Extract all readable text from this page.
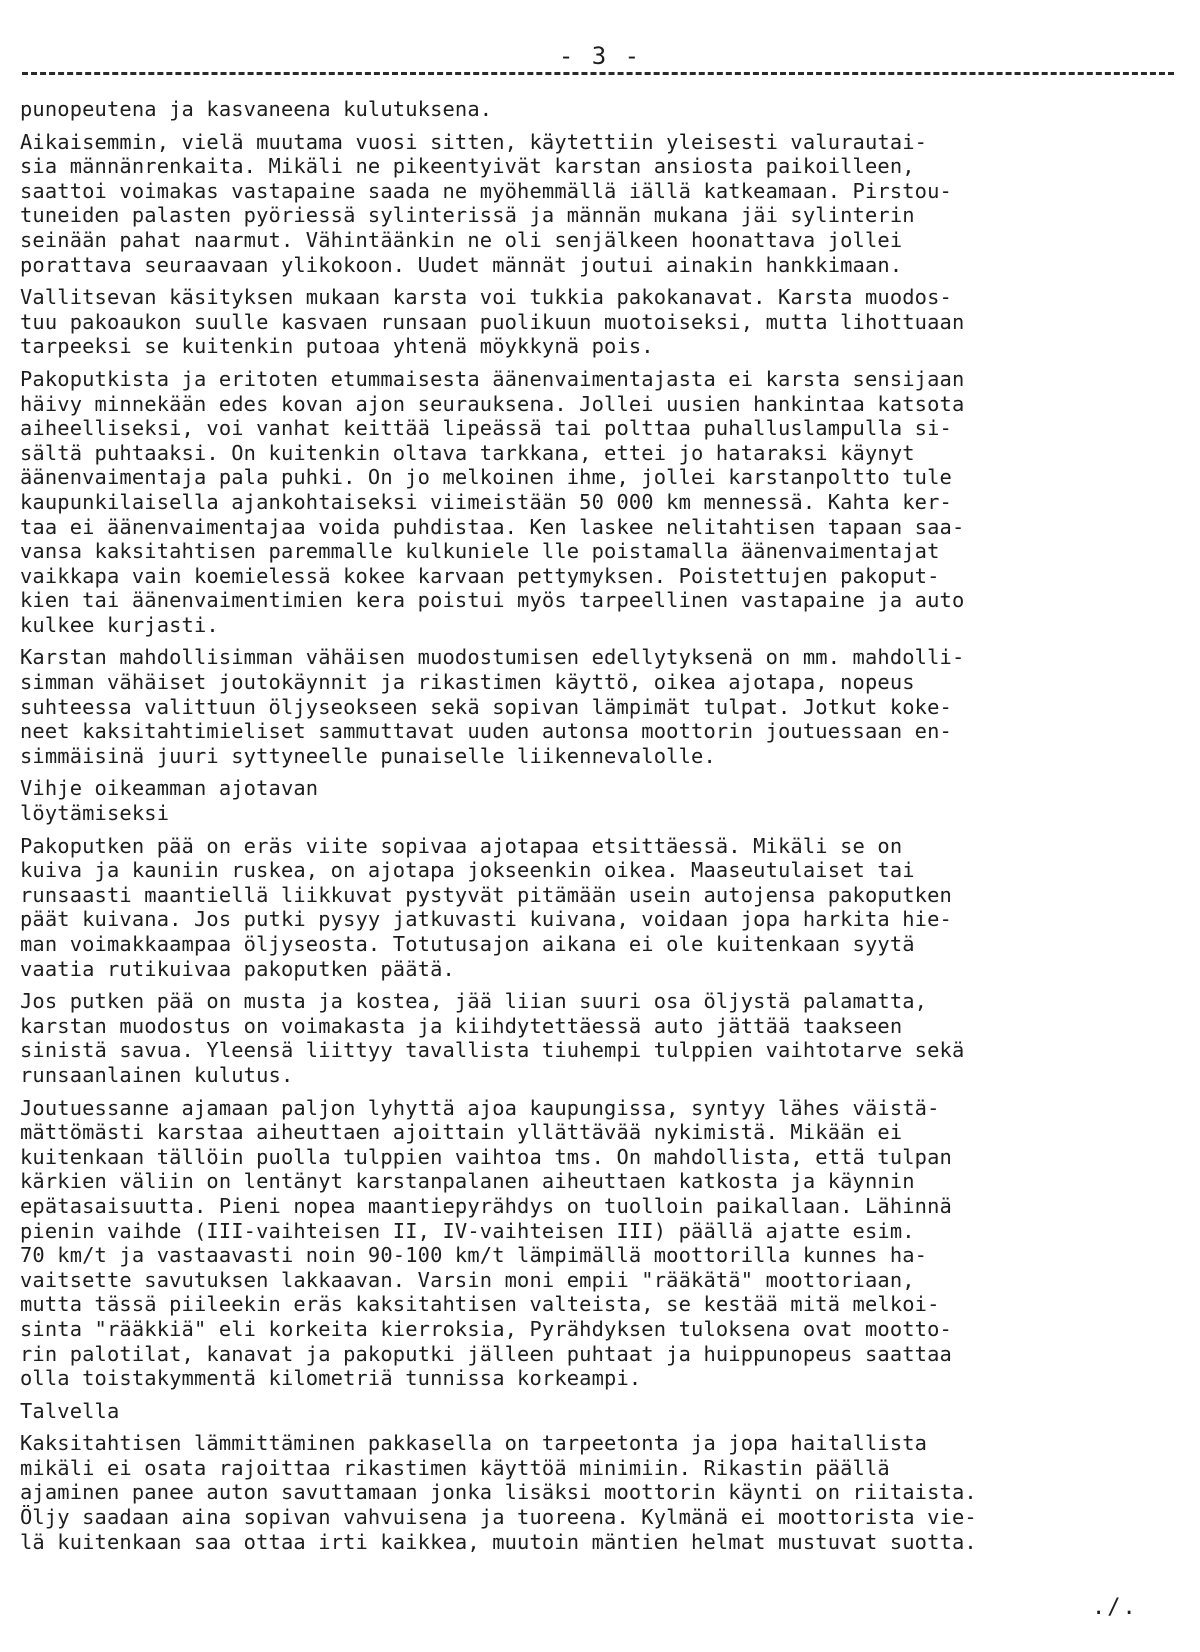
- 3 -

punopeutena ja kasvaneena kulutuksena.

Aikaisemmin, vielä muutama vuosi sitten, käytettiin yleisesti valurautai-
sia männänrenkaita. Mikäli ne pikeentyivät karstan ansiosta paikoilleen,
saattoi voimakas vastapaine saada ne myöhemmällä iällä katkeamaan. Pirstou-
tuneiden palasten pyöriessä sylinterissä ja männän mukana jäi sylinterin
seinään pahat naarmut. Vähintäänkin ne oli senjälkeen hoonattava jollei
porattava seuraavaan ylikokoon. Uudet männät joutui ainakin hankkimaan.

Vallitsevan käsityksen mukaan karsta voi tukkia pakokanavat. Karsta muodos-
tuu pakoaukon suulle kasvaen runsaan puolikuun muotoiseksi, mutta lihottuaan
tarpeeksi se kuitenkin putoaa yhtenä möykkynä pois.

Pakoputkista ja eritoten etummaisesta äänenvaimentajasta ei karsta sensijaan
häivy minnekään edes kovan ajon seurauksena. Jollei uusien hankintaa katsota
aiheelliseksi, voi vanhat keittää lipeässä tai polttaa puhalluslampulla si-
sältä puhtaaksi. On kuitenkin oltava tarkkana, ettei jo hataraksi käynyt
äänenvaimentaja pala puhki. On jo melkoinen ihme, jollei karstanpoltto tule
kaupunkilaisella ajankohtaiseksi viimeistään 50 000 km mennessä. Kahta ker-
taa ei äänenvaimentajaa voida puhdistaa. Ken laskee nelitahtisen tapaan saa-
vansa kaksitahtisen paremmalle kulkuniele lle poistamalla äänenvaimentajat
vaikkapa vain koemielessä kokee karvaan pettymyksen. Poistettujen pakoput-
kien tai äänenvaimentimien kera poistui myös tarpeellinen vastapaine ja auto
kulkee kurjasti.

Karstan mahdollisimman vähäisen muodostumisen edellytyksenä on mm. mahdolli-
simman vähäiset joutokäynnit ja rikastimen käyttö, oikea ajotapa, nopeus
suhteessa valittuun öljyseokseen sekä sopivan lämpimät tulpat. Jotkut koke-
neet kaksitahtimieliset sammuttavat uuden autonsa moottorin joutuessaan en-
simmäisinä juuri syttyneelle punaiselle liikennevalolle.

Vihje oikeamman ajotavan
löytämiseksi

Pakoputken pää on eräs viite sopivaa ajotapaa etsittäessä. Mikäli se on
kuiva ja kauniin ruskea, on ajotapa jokseenkin oikea. Maaseutulaiset tai
runsaasti maantiellä liikkuvat pystyvät pitämään usein autojensa pakoputken
päät kuivana. Jos putki pysyy jatkuvasti kuivana, voidaan jopa harkita hie-
man voimakkaampaa öljyseosta. Totutusajon aikana ei ole kuitenkaan syytä
vaatia rutikuivaa pakoputken päätä.

Jos putken pää on musta ja kostea, jää liian suuri osa öljystä palamatta,
karstan muodostus on voimakasta ja kiihdytettäessä auto jättää taakseen
sinistä savua. Yleensä liittyy tavallista tiuhempi tulppien vaihtotarve sekä
runsaanlainen kulutus.

Joutuessanne ajamaan paljon lyhyttä ajoa kaupungissa, syntyy lähes väistä-
mättömästi karstaa aiheuttaen ajoittain yllättävää nykimistä. Mikään ei
kuitenkaan tällöin puolla tulppien vaihtoa tms. On mahdollista, että tulpan
kärkien väliin on lentänyt karstanpalanen aiheuttaen katkosta ja käynnin
epätasaisuutta. Pieni nopea maantiepyrähdys on tuolloin paikallaan. Lähinnä
pienin vaihde (III-vaihteisen II, IV-vaihteisen III) päällä ajatte esim.
70 km/t ja vastaavasti noin 90-100 km/t lämpimällä moottorilla kunnes ha-
vaitsette savutuksen lakkaavan. Varsin moni empii "rääkätä" moottoriaan,
mutta tässä piileekin eräs kaksitahtisen valteista, se kestää mitä melkoi-
sinta "rääkkiä" eli korkeita kierroksia, Pyrähdyksen tuloksena ovat mootto-
rin palotilat, kanavat ja pakoputki jälleen puhtaat ja huippunopeus saattaa
olla toistakymmentä kilometriä tunnissa korkeampi.

Talvella

Kaksitahtisen lämmittäminen pakkasella on tarpeetonta ja jopa haitallista
mikäli ei osata rajoittaa rikastimen käyttöä minimiin. Rikastin päällä
ajaminen panee auton savuttamaan jonka lisäksi moottorin käynti on riitaista.
Öljy saadaan aina sopivan vahvuisena ja tuoreena. Kylmänä ei moottorista vie-
lä kuitenkaan saa ottaa irti kaikkea, muutoin mäntien helmat mustuvat suotta.

./.
